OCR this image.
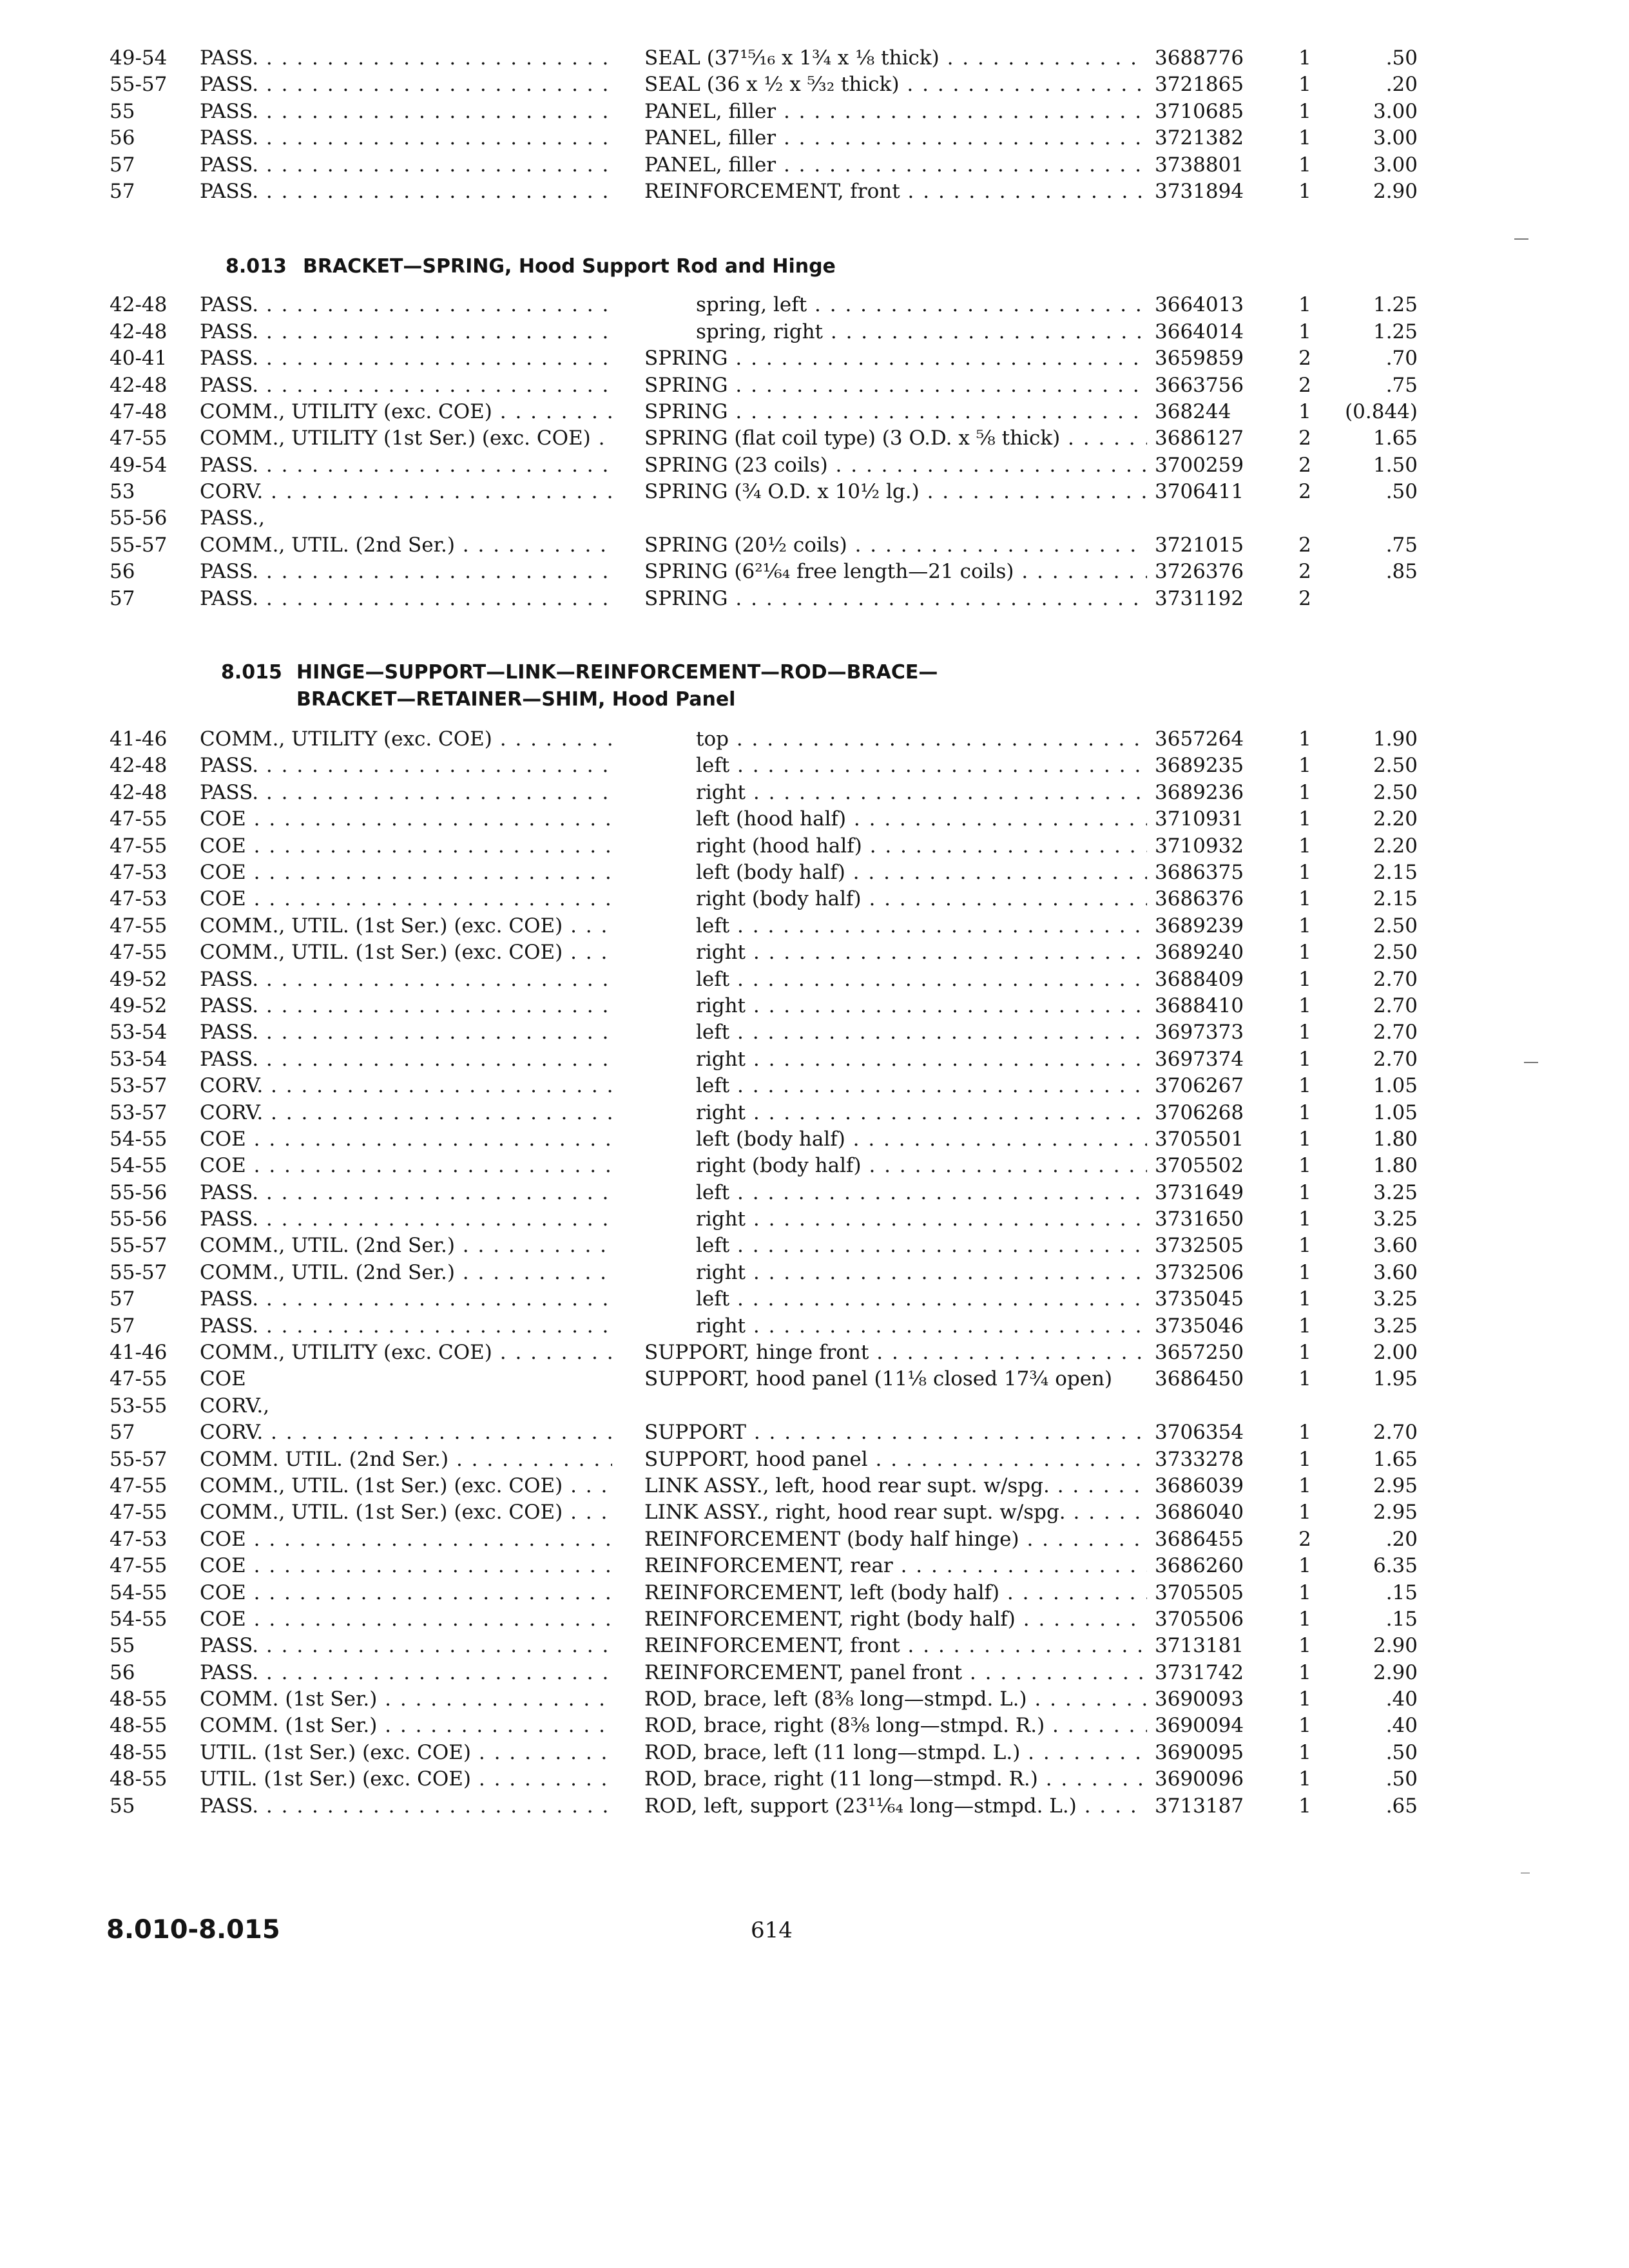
49-54	PASS. . . .	SEAL (37¹⁵⁄₁₆ x 1¾ x ⅛ thick) . . .	3688776	1	.50
55-57	PASS. . . .	SEAL (36 x ½ x ⁵⁄₃₂ thick) . . .	3721865	1	.20
55	PASS. . . .	PANEL, filler . . .	3710685	1	3.00
56	PASS. . . .	PANEL, filler . . .	3721382	1	3.00
57	PASS. . . .	PANEL, filler . . .	3738801	1	3.00
57	PASS. . . .	REINFORCEMENT, front . . .	3731894	1	2.90
8.013 BRACKET—SPRING, Hood Support Rod and Hinge
42-48	PASS. . . .	spring, left . . .	3664013	1	1.25
42-48	PASS. . . .	spring, right . . .	3664014	1	1.25
40-41	PASS. . . .	SPRING . . .	3659859	2	.70
42-48	PASS. . . .	SPRING . . .	3663756	2	.75
47-48	COMM., UTILITY (exc. COE) . . .	SPRING . . .	368244	1	(0.844)
47-55	COMM., UTILITY (1st Ser.) (exc. COE) . . .	SPRING (flat coil type) (3 O.D. x ⅝ thick) . . .	3686127	2	1.65
49-54	PASS. . . .	SPRING (23 coils) . . .	3700259	2	1.50
53	CORV. . . .	SPRING (¾ O.D. x 10½ lg.) . . .	3706411	2	.50
55-56	PASS.,
55-57	COMM., UTIL. (2nd Ser.) . . .	SPRING (20½ coils) . . .	3721015	2	.75
56	PASS. . . .	SPRING (6²¹⁄₆₄ free length—21 coils) . . .	3726376	2	.85
57	PASS. . . .	SPRING . . .	3731192	2
8.015 HINGE—SUPPORT—LINK—REINFORCEMENT—ROD—BRACE—
BRACKET—RETAINER—SHIM, Hood Panel
41-46	COMM., UTILITY (exc. COE) . . .	top . . .	3657264	1	1.90
42-48	PASS. . . .	left . . .	3689235	1	2.50
42-48	PASS. . . .	right . . .	3689236	1	2.50
47-55	COE . . .	left (hood half) . . .	3710931	1	2.20
47-55	COE . . .	right (hood half) . . .	3710932	1	2.20
47-53	COE . . .	left (body half) . . .	3686375	1	2.15
47-53	COE . . .	right (body half) . . .	3686376	1	2.15
47-55	COMM., UTIL. (1st Ser.) (exc. COE) . . .	left . . .	3689239	1	2.50
47-55	COMM., UTIL. (1st Ser.) (exc. COE) . . .	right . . .	3689240	1	2.50
49-52	PASS. . . .	left . . .	3688409	1	2.70
49-52	PASS. . . .	right . . .	3688410	1	2.70
53-54	PASS. . . .	left . . .	3697373	1	2.70
53-54	PASS. . . .	right . . .	3697374	1	2.70
53-57	CORV. . . .	left . . .	3706267	1	1.05
53-57	CORV. . . .	right . . .	3706268	1	1.05
54-55	COE . . .	left (body half) . . .	3705501	1	1.80
54-55	COE . . .	right (body half) . . .	3705502	1	1.80
55-56	PASS. . . .	left . . .	3731649	1	3.25
55-56	PASS. . . .	right . . .	3731650	1	3.25
55-57	COMM., UTIL. (2nd Ser.) . . .	left . . .	3732505	1	3.60
55-57	COMM., UTIL. (2nd Ser.) . . .	right . . .	3732506	1	3.60
57	PASS. . . .	left . . .	3735045	1	3.25
57	PASS. . . .	right . . .	3735046	1	3.25
41-46	COMM., UTILITY (exc. COE) . . .	SUPPORT, hinge front . . .	3657250	1	2.00
47-55	COE	SUPPORT, hood panel (11⅛ closed 17¾ open)	3686450	1	1.95
53-55	CORV.,
57	CORV. . . .	SUPPORT . . .	3706354	1	2.70
55-57	COMM. UTIL. (2nd Ser.) . . .	SUPPORT, hood panel . . .	3733278	1	1.65
47-55	COMM., UTIL. (1st Ser.) (exc. COE) . . .	LINK ASSY., left, hood rear supt. w/spg. . . .	3686039	1	2.95
47-55	COMM., UTIL. (1st Ser.) (exc. COE) . . .	LINK ASSY., right, hood rear supt. w/spg. . . .	3686040	1	2.95
47-53	COE . . .	REINFORCEMENT (body half hinge) . . .	3686455	2	.20
47-55	COE . . .	REINFORCEMENT, rear . . .	3686260	1	6.35
54-55	COE . . .	REINFORCEMENT, left (body half) . . .	3705505	1	.15
54-55	COE . . .	REINFORCEMENT, right (body half) . . .	3705506	1	.15
55	PASS. . . .	REINFORCEMENT, front . . .	3713181	1	2.90
56	PASS. . . .	REINFORCEMENT, panel front . . .	3731742	1	2.90
48-55	COMM. (1st Ser.) . . .	ROD, brace, left (8⅜ long—stmpd. L.) . . .	3690093	1	.40
48-55	COMM. (1st Ser.) . . .	ROD, brace, right (8⅜ long—stmpd. R.) . . .	3690094	1	.40
48-55	UTIL. (1st Ser.) (exc. COE) . . .	ROD, brace, left (11 long—stmpd. L.) . . .	3690095	1	.50
48-55	UTIL. (1st Ser.) (exc. COE) . . .	ROD, brace, right (11 long—stmpd. R.) . . .	3690096	1	.50
55	PASS. . . .	ROD, left, support (23¹¹⁄₆₄ long—stmpd. L.) . . .	3713187	1	.65
8.010-8.015	614
